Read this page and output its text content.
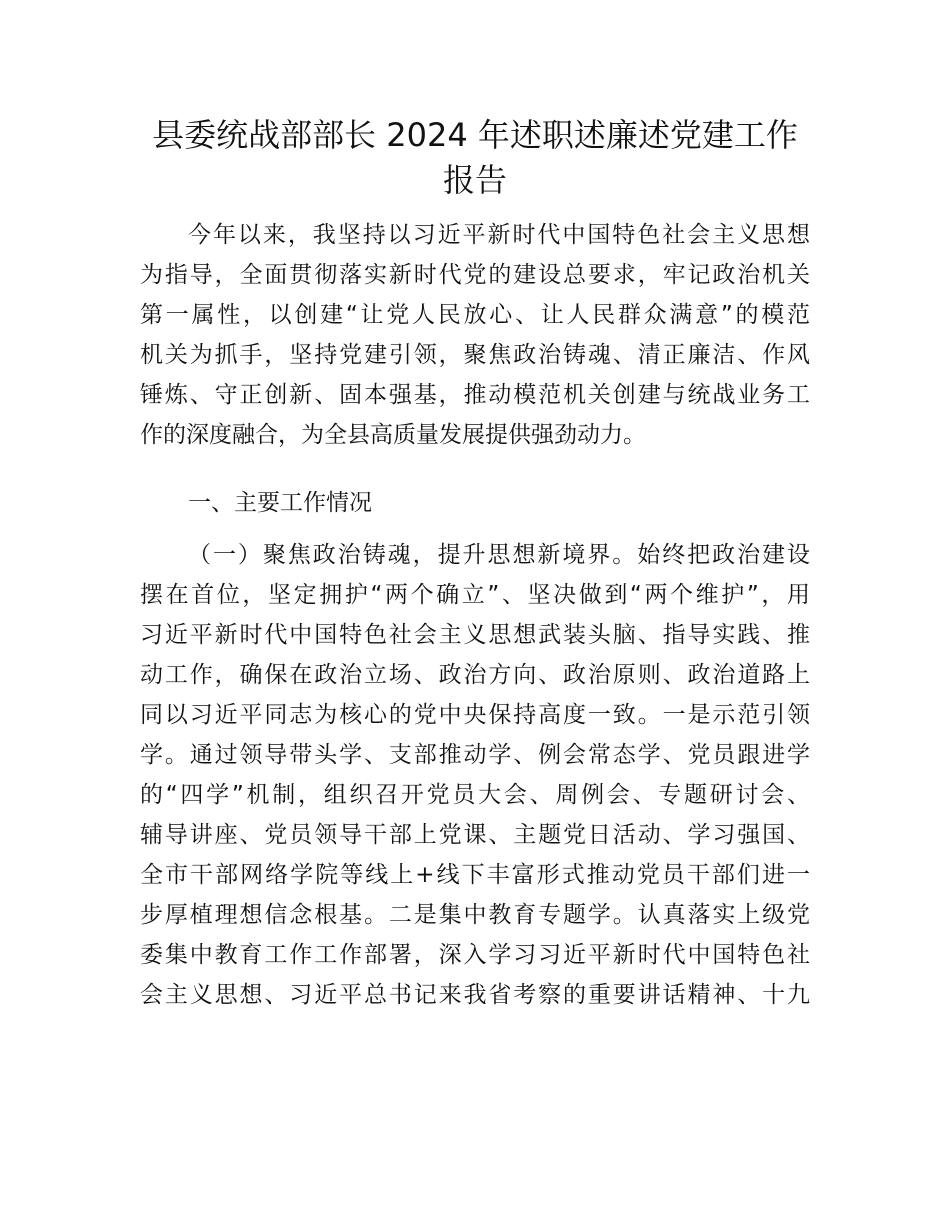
县委统战部部长 2024 年述职述廉述党建工作
报告

今年以来，我坚持以习近平新时代中国特色社会主义思想

为指导，全面贯彻落实新时代党的建设总要求，牢记政治机关

第一属性，以创建“让党人民放心、让人民群众满意”的模范

机关为抓手，坚持党建引领，聚焦政治铸魂、清正廉洁、作风

锤炼、守正创新、固本强基，推动模范机关创建与统战业务工

作的深度融合，为全县高质量发展提供强劲动力。

一、主要工作情况

（一）聚焦政治铸魂，提升思想新境界。始终把政治建设

摆在首位，坚定拥护“两个确立”、坚决做到“两个维护”，用

习近平新时代中国特色社会主义思想武装头脑、指导实践、推

动工作，确保在政治立场、政治方向、政治原则、政治道路上

同以习近平同志为核心的党中央保持高度一致。一是示范引领

学。通过领导带头学、支部推动学、例会常态学、党员跟进学

的“四学”机制，组织召开党员大会、周例会、专题研讨会、

辅导讲座、党员领导干部上党课、主题党日活动、学习强国、

全市干部网络学院等线上+线下丰富形式推动党员干部们进一

步厚植理想信念根基。二是集中教育专题学。认真落实上级党

委集中教育工作工作部署，深入学习习近平新时代中国特色社

会主义思想、习近平总书记来我省考察的重要讲话精神、十九
